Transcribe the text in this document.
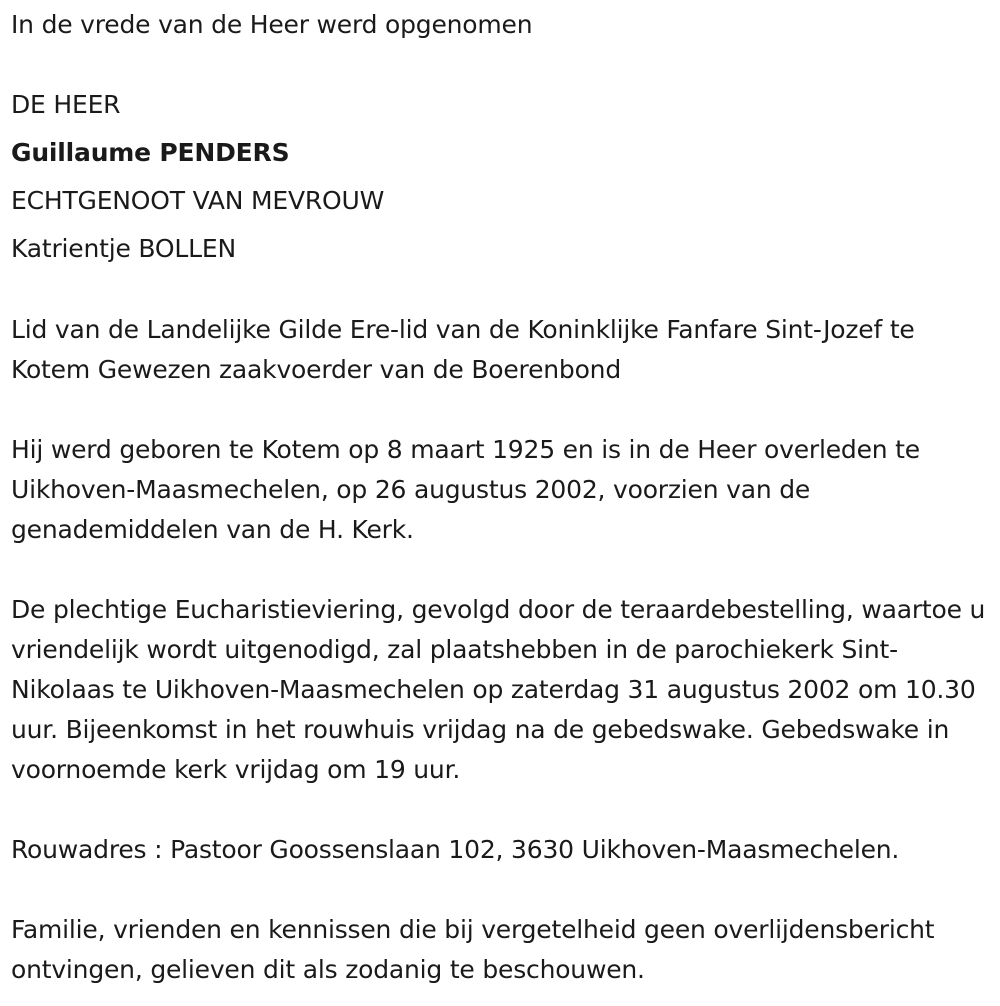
In de vrede van de Heer werd opgenomen
DE HEER
Guillaume PENDERS
ECHTGENOOT VAN MEVROUW
Katrientje BOLLEN

Lid van de Landelijke Gilde Ere-lid van de Koninklijke Fanfare Sint-Jozef te Kotem Gewezen zaakvoerder van de Boerenbond

Hij werd geboren te Kotem op 8 maart 1925 en is in de Heer overleden te Uikhoven-Maasmechelen, op 26 augustus 2002, voorzien van de genademiddelen van de H. Kerk.

De plechtige Eucharistieviering, gevolgd door de teraardebestelling, waartoe u vriendelijk wordt uitgenodigd, zal plaatshebben in de parochiekerk Sint-Nikolaas te Uikhoven-Maasmechelen op zaterdag 31 augustus 2002 om 10.30 uur. Bijeenkomst in het rouwhuis vrijdag na de gebedswake. Gebedswake in voornoemde kerk vrijdag om 19 uur.

Rouwadres : Pastoor Goossenslaan 102, 3630 Uikhoven-Maasmechelen.

Familie, vrienden en kennissen die bij vergetelheid geen overlijdensbericht ontvingen, gelieven dit als zodanig te beschouwen.
